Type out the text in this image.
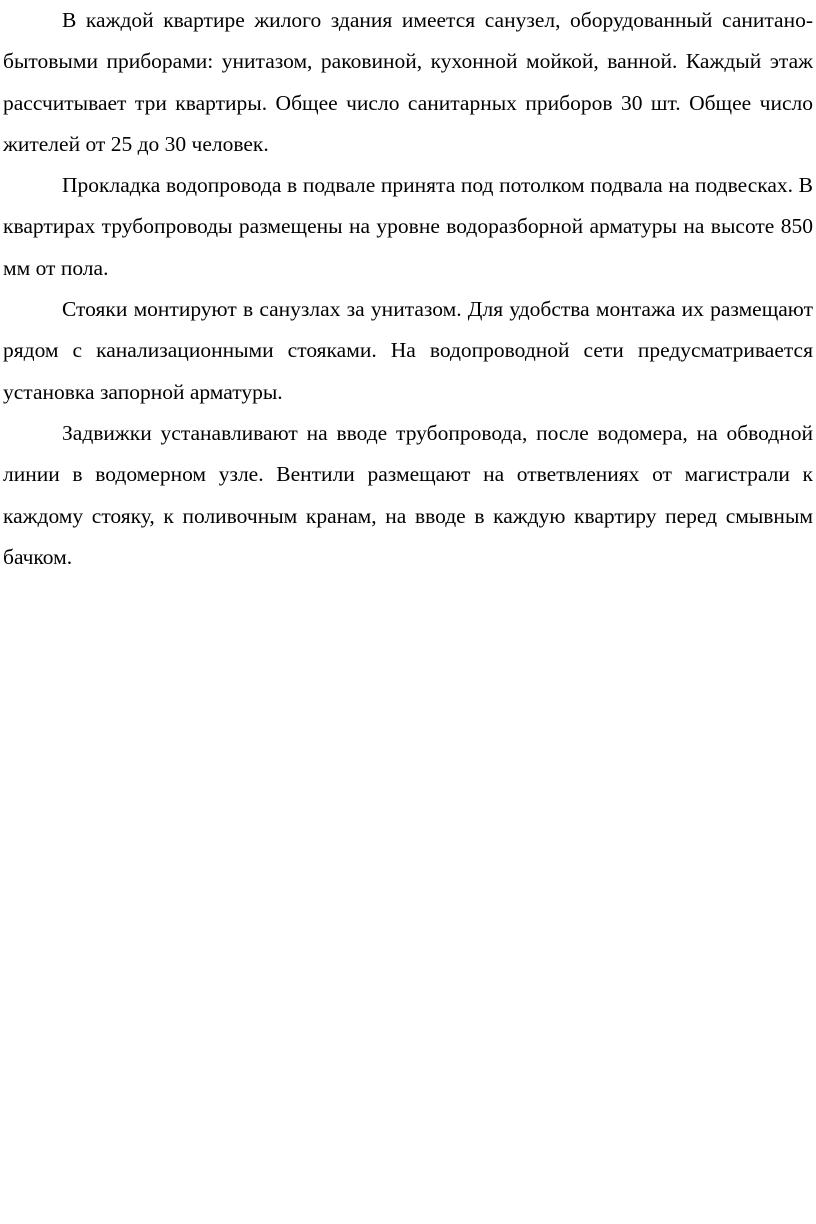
В каждой квартире жилого здания имеется санузел, оборудованный санитано-бытовыми приборами: унитазом, раковиной, кухонной мойкой, ванной. Каждый этаж рассчитывает три квартиры. Общее число санитарных приборов 30 шт. Общее число жителей от 25 до 30 человек.

Прокладка водопровода в подвале принята под потолком подвала на подвесках. В квартирах трубопроводы размещены на уровне водоразборной арматуры на высоте 850 мм от пола.

Стояки монтируют в санузлах за унитазом. Для удобства монтажа их размещают рядом с канализационными стояками. На водопроводной сети предусматривается установка запорной арматуры.

Задвижки устанавливают на вводе трубопровода, после водомера, на обводной линии в водомерном узле. Вентили размещают на ответвлениях от магистрали к каждому стояку, к поливочным кранам, на вводе в каждую квартиру перед смывным бачком.
